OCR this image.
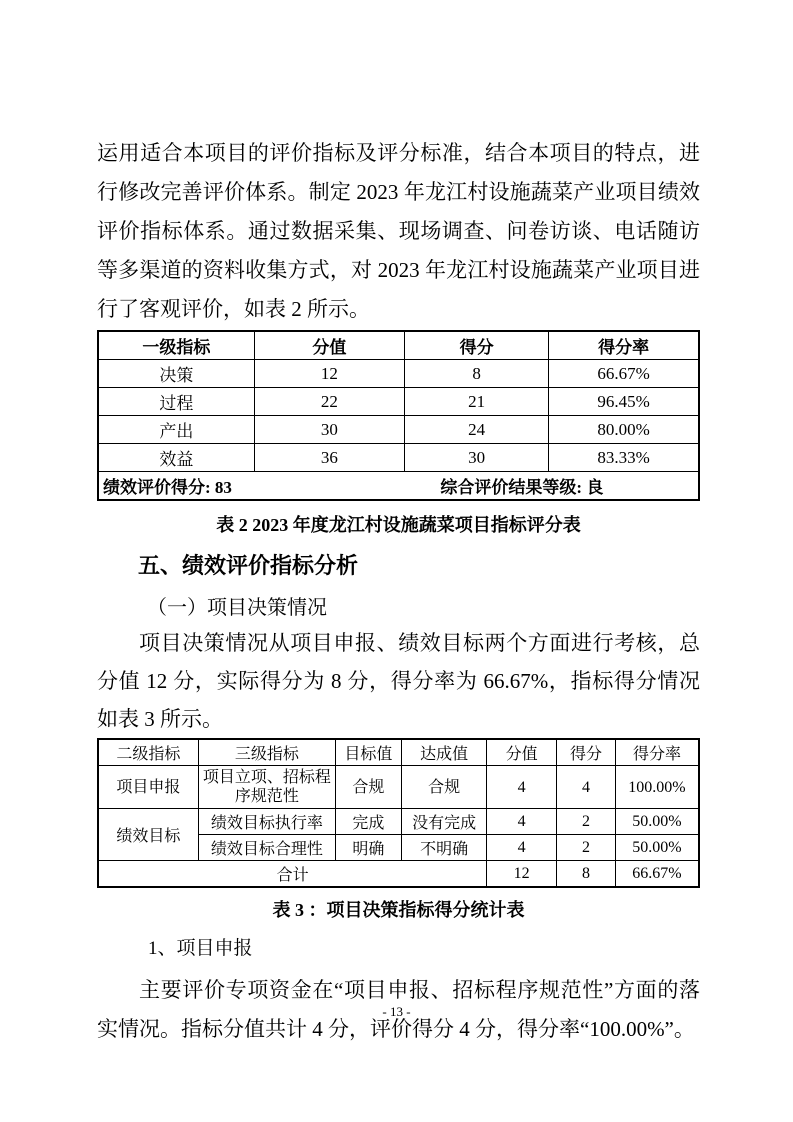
运用适合本项目的评价指标及评分标准，结合本项目的特点，进行修改完善评价体系。制定 2023 年龙江村设施蔬菜产业项目绩效评价指标体系。通过数据采集、现场调查、问卷访谈、电话随访等多渠道的资料收集方式，对 2023 年龙江村设施蔬菜产业项目进行了客观评价，如表 2 所示。

一级指标	分值	得分	得分率
决策	12	8	66.67%
过程	22	21	96.45%
产出	30	24	80.00%
效益	36	30	83.33%
绩效评价得分: 83 综合评价结果等级: 良			
表 2 2023 年度龙江村设施蔬菜项目指标评分表
五、绩效评价指标分析
（一）项目决策情况

项目决策情况从项目申报、绩效目标两个方面进行考核，总分值 12 分，实际得分为 8 分，得分率为 66.67%，指标得分情况如表 3 所示。

二级指标	三级指标	目标值	达成值	分值	得分	得分率
项目申报	项目立项、招标程序规范性	合规	合规	4	4	100.00%
绩效目标	绩效目标执行率	完成	没有完成	4	2	50.00%
	绩效目标合理性	明确	不明确	4	2	50.00%
合计				12	8	66.67%
表 3 ：项目决策指标得分统计表
1、项目申报

主要评价专项资金在“项目申报、招标程序规范性”方面的落实情况。指标分值共计 4 分，评价得分 4 分，得分率“100.00%”。

- 13 -
